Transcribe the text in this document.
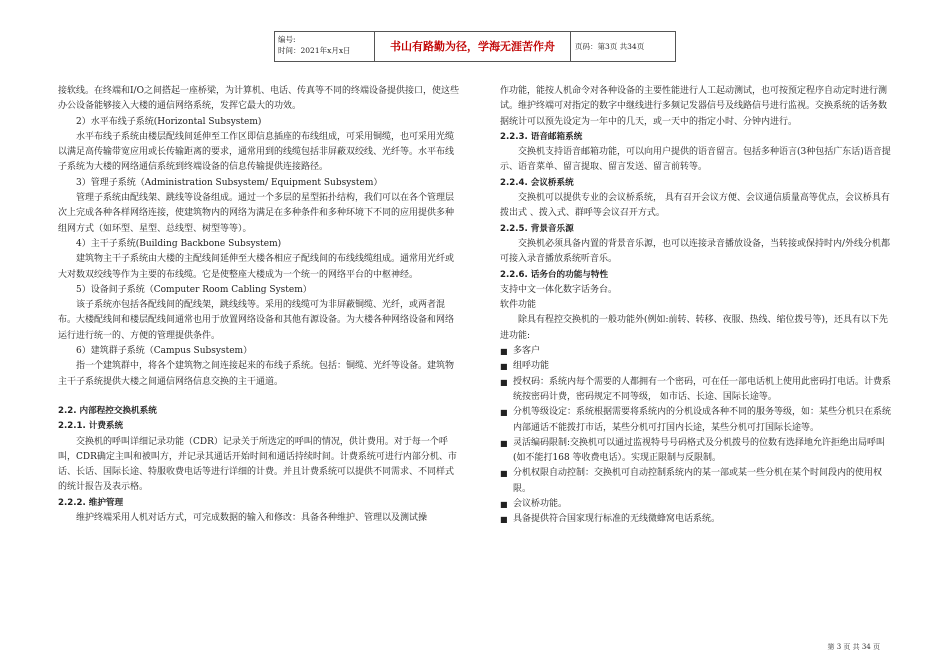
编号:
时间：2021年x月x日	书山有路勤为径，学海无涯苦作舟	页码：第3页 共34页

接软线。在终端和I/O之间搭起一座桥梁，为计算机、电话、传真等不同的终端设备提供接口，使这些办公设备能够接入大楼的通信网络系统，发挥它最大的功效。

2）水平布线子系统(Horizontal Subsystem)

水平布线子系统由楼层配线间延伸至工作区即信息插座的布线组成，可采用铜缆，也可采用光缆以满足高传输带宽应用或长传输距离的要求，通常用到的线缆包括非屏蔽双绞线、光纤等。水平布线子系统为大楼的网络通信系统到终端设备的信息传输提供连接路径。

3）管理子系统（Administration Subsystem/ Equipment Subsystem）

管理子系统由配线架、跳线等设备组成。通过一个多层的星型拓扑结构，我们可以在各个管理层次上完成各种各样网络连接，使建筑物内的网络为满足在多种条件和多种环境下不同的应用提供多种组网方式（如环型、星型、总线型、树型等等）。

4）主干子系统(Building Backbone Subsystem)

建筑物主干子系统由大楼的主配线间延伸至大楼各相应子配线间的布线线缆组成。通常用光纤或大对数双绞线等作为主要的布线缆。它是使整座大楼成为一个统一的网络平台的中枢神经。

5）设备间子系统（Computer Room Cabling System）

该子系统亦包括各配线间的配线架，跳线线等。采用的线缆可为非屏蔽铜缆、光纤，或两者混布。大楼配线间和楼层配线间通常也用于放置网络设备和其他有源设备。为大楼各种网络设备和网络运行进行统一的、方便的管理提供条件。

6）建筑群子系统（Campus Subsystem）

指一个建筑群中，将各个建筑物之间连接起来的布线子系统。包括：铜缆、光纤等设备。建筑物主干子系统提供大楼之间通信网络信息交换的主干通道。

2.2. 内部程控交换机系统

2.2.1. 计费系统

交换机的呼叫详细记录功能（CDR）记录关于所选定的呼叫的情况，供计费用。对于每一个呼叫，CDR确定主叫和被叫方，并记录其通话开始时间和通话持续时间。计费系统可进行内部分机、市话、长话、国际长途、特服收费电话等进行详细的计费。并且计费系统可以提供不同需求、不同样式的统计报告及表示格。

2.2.2. 维护管理

维护终端采用人机对话方式，可完成数据的输入和修改：具备各种维护、管理以及测试操

作功能，能按人机命令对各种设备的主要性能进行人工起动测试，也可按预定程序自动定时进行测试。维护终端可对指定的数字中继线进行多频记发器信号及线路信号进行监视。交换系统的话务数据统计可以预先设定为一年中的几天，或一天中的指定小时、分钟内进行。

2.2.3. 语音邮箱系统

交换机支持语音邮箱功能，可以向用户提供的语音留言。包括多种语言(3种包括广东话)语音提示、语音菜单、留言提取、留言发送、留言前转等。

2.2.4. 会议桥系统

交换机可以提供专业的会议桥系统， 具有召开会议方便、会议通信质量高等优点，会议桥具有拨出式 、拨入式、群呼等会议召开方式。

2.2.5. 背景音乐源

交换机必须具备内置的背景音乐源，也可以连接录音播放设备，当转接或保持时内/外线分机都可接入录音播放系统听音乐。

2.2.6. 话务台的功能与特性

支持中文一体化数字话务台。

软件功能

除具有程控交换机的一般功能外(例如:前转、转移、夜服、热线、缩位拨号等)，还具有以下先进功能:

■ 多客户
■ 组呼功能
■ 授权码：系统内每个需要的人都拥有一个密码，可在任一部电话机上使用此密码打电话。计费系统按密码计费，密码规定不同等级， 如市话、长途、国际长途等。
■ 分机等级设定：系统根据需要将系统内的分机设成各种不同的服务等级，如：某些分机只在系统内部通话不能拨打市话，某些分机可打国内长途，某些分机可打国际长途等。
■ 灵活编码限制:交换机可以通过监视特号号码格式及分机拨号的位数有选择地允许拒绝出局呼叫(如不能打168 等收费电话）。实现正限制与反限制。
■ 分机权限自动控制：交换机可自动控制系统内的某一部或某一些分机在某个时间段内的使用权限。
■ 会议桥功能。
■ 具备提供符合国家现行标准的无线微蜂窝电话系统。
第 3 页 共 34 页
